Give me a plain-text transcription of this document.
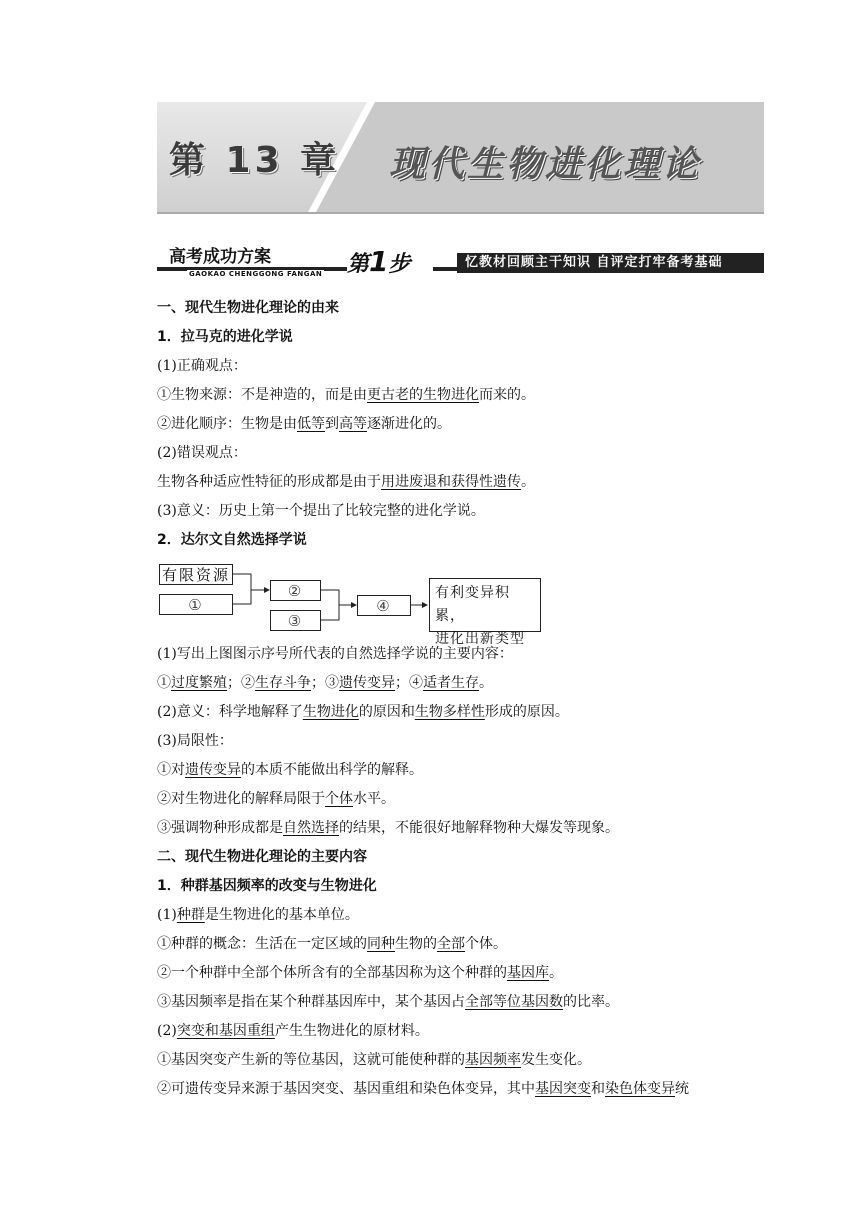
第 13 章 现代生物进化理论
高考成功方案
GAOKAO CHENGGONG FANGAN 第1步	忆教材回顾主干知识 自评定打牢备考基础
一、现代生物进化理论的由来
1．拉马克的进化学说
(1)正确观点：
①生物来源：不是神造的，而是由更古老的生物进化而来的。
②进化顺序：生物是由低等到高等逐渐进化的。
(2)错误观点：
生物各种适应性特征的形成都是由于用进废退和获得性遗传。
(3)意义：历史上第一个提出了比较完整的进化学说。
2．达尔文自然选择学说
有限资源
①
②
③
④
有利变异积累，
进化出新类型
(1)写出上图图示序号所代表的自然选择学说的主要内容：
①过度繁殖；②生存斗争；③遗传变异；④适者生存。
(2)意义：科学地解释了生物进化的原因和生物多样性形成的原因。
(3)局限性：
①对遗传变异的本质不能做出科学的解释。
②对生物进化的解释局限于个体水平。
③强调物种形成都是自然选择的结果，不能很好地解释物种大爆发等现象。
二、现代生物进化理论的主要内容
1．种群基因频率的改变与生物进化
(1)种群是生物进化的基本单位。
①种群的概念：生活在一定区域的同种生物的全部个体。
②一个种群中全部个体所含有的全部基因称为这个种群的基因库。
③基因频率是指在某个种群基因库中，某个基因占全部等位基因数的比率。
(2)突变和基因重组产生生物进化的原材料。
①基因突变产生新的等位基因，这就可能使种群的基因频率发生变化。
②可遗传变异来源于基因突变、基因重组和染色体变异，其中基因突变和染色体变异统
